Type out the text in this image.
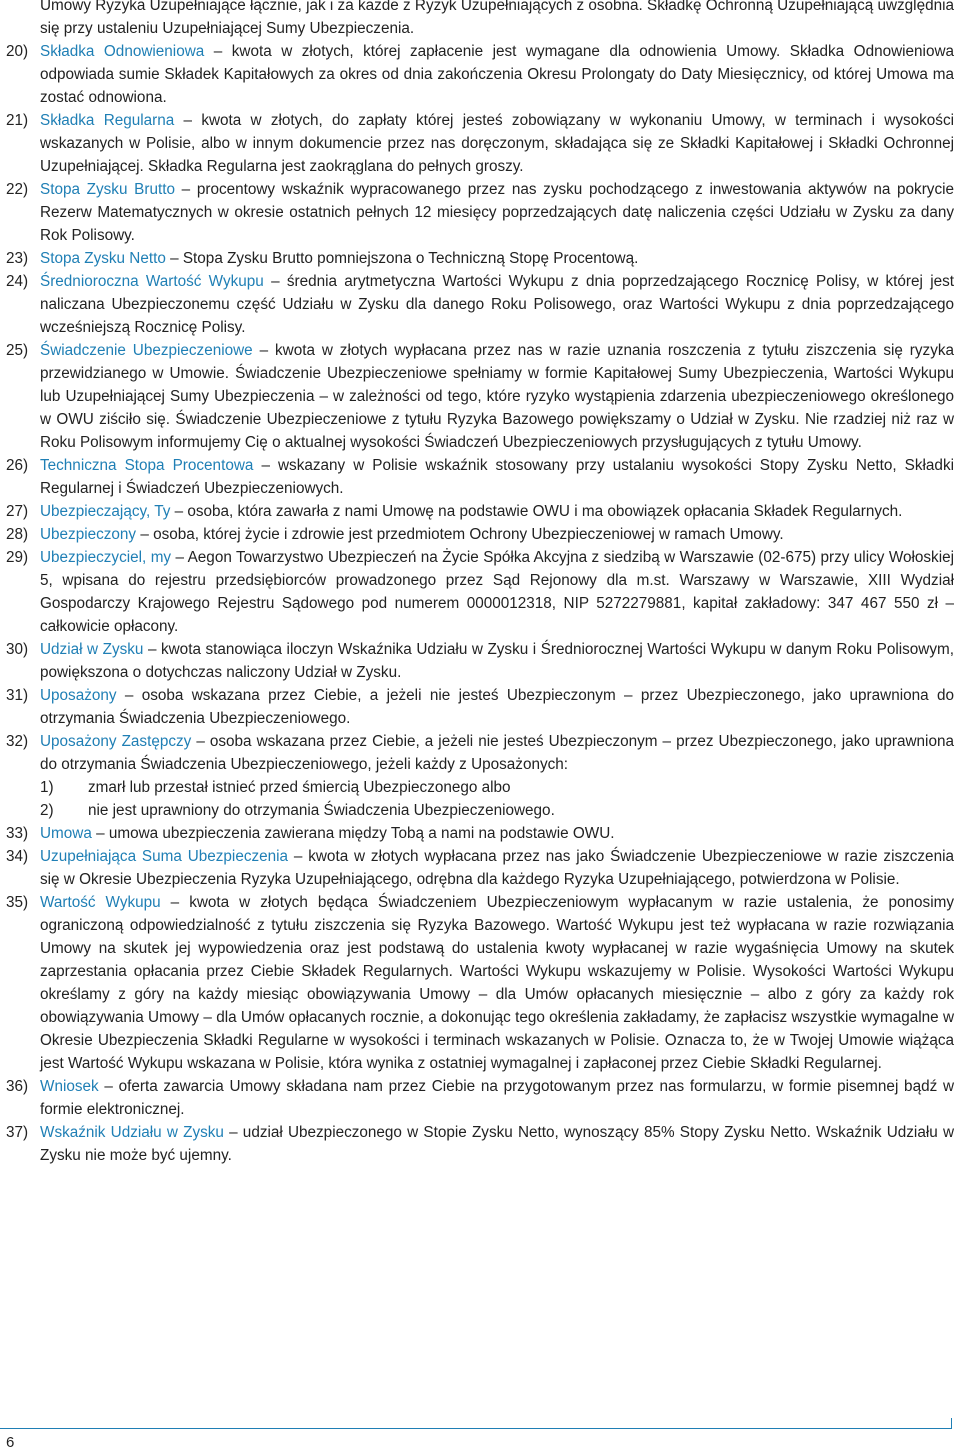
Umowy Ryzyka Uzupełniające łącznie, jak i za każde z Ryzyk Uzupełniających z osobna. Składkę Ochronną Uzupełniającą uwzględnia się przy ustaleniu Uzupełniającej Sumy Ubezpieczenia.

20) Składka Odnowieniowa – kwota w złotych, której zapłacenie jest wymagane dla odnowienia Umowy. Składka Odnowieniowa odpowiada sumie Składek Kapitałowych za okres od dnia zakończenia Okresu Prolongaty do Daty Miesięcznicy, od której Umowa ma zostać odnowiona.
21) Składka Regularna – kwota w złotych, do zapłaty której jesteś zobowiązany w wykonaniu Umowy, w terminach i wysokości wskazanych w Polisie, albo w innym dokumencie przez nas doręczonym, składająca się ze Składki Kapitałowej i Składki Ochronnej Uzupełniającej. Składka Regularna jest zaokrąglana do pełnych groszy.
22) Stopa Zysku Brutto – procentowy wskaźnik wypracowanego przez nas zysku pochodzącego z inwestowania aktywów na pokrycie Rezerw Matematycznych w okresie ostatnich pełnych 12 miesięcy poprzedzających datę naliczenia części Udziału w Zysku za dany Rok Polisowy.
23) Stopa Zysku Netto – Stopa Zysku Brutto pomniejszona o Techniczną Stopę Procentową.
24) Średnioroczna Wartość Wykupu – średnia arytmetyczna Wartości Wykupu z dnia poprzedzającego Rocznicę Polisy, w której jest naliczana Ubezpieczonemu część Udziału w Zysku dla danego Roku Polisowego, oraz Wartości Wykupu z dnia poprzedzającego wcześniejszą Rocznicę Polisy.
25) Świadczenie Ubezpieczeniowe – kwota w złotych wypłacana przez nas w razie uznania roszczenia z tytułu ziszczenia się ryzyka przewidzianego w Umowie. Świadczenie Ubezpieczeniowe spełniamy w formie Kapitałowej Sumy Ubezpieczenia, Wartości Wykupu lub Uzupełniającej Sumy Ubezpieczenia – w zależności od tego, które ryzyko wystąpienia zdarzenia ubezpieczeniowego określonego w OWU ziściło się. Świadczenie Ubezpieczeniowe z tytułu Ryzyka Bazowego powiększamy o Udział w Zysku. Nie rzadziej niż raz w Roku Polisowym informujemy Cię o aktualnej wysokości Świadczeń Ubezpieczeniowych przysługujących z tytułu Umowy.
26) Techniczna Stopa Procentowa – wskazany w Polisie wskaźnik stosowany przy ustalaniu wysokości Stopy Zysku Netto, Składki Regularnej i Świadczeń Ubezpieczeniowych.
27) Ubezpieczający, Ty – osoba, która zawarła z nami Umowę na podstawie OWU i ma obowiązek opłacania Składek Regularnych.
28) Ubezpieczony – osoba, której życie i zdrowie jest przedmiotem Ochrony Ubezpieczeniowej w ramach Umowy.
29) Ubezpieczyciel, my – Aegon Towarzystwo Ubezpieczeń na Życie Spółka Akcyjna z siedzibą w Warszawie (02-675) przy ulicy Wołoskiej 5, wpisana do rejestru przedsiębiorców prowadzonego przez Sąd Rejonowy dla m.st. Warszawy w Warszawie, XIII Wydział Gospodarczy Krajowego Rejestru Sądowego pod numerem 0000012318, NIP 5272279881, kapitał zakładowy: 347 467 550 zł – całkowicie opłacony.
30) Udział w Zysku – kwota stanowiąca iloczyn Wskaźnika Udziału w Zysku i Średniorocznej Wartości Wykupu w danym Roku Polisowym, powiększona o dotychczas naliczony Udział w Zysku.
31) Uposażony – osoba wskazana przez Ciebie, a jeżeli nie jesteś Ubezpieczonym – przez Ubezpieczonego, jako uprawniona do otrzymania Świadczenia Ubezpieczeniowego.
32) Uposażony Zastępczy – osoba wskazana przez Ciebie, a jeżeli nie jesteś Ubezpieczonym – przez Ubezpieczonego, jako uprawniona do otrzymania Świadczenia Ubezpieczeniowego, jeżeli każdy z Uposażonych:
1) zmarł lub przestał istnieć przed śmiercią Ubezpieczonego albo
2) nie jest uprawniony do otrzymania Świadczenia Ubezpieczeniowego.
33) Umowa – umowa ubezpieczenia zawierana między Tobą a nami na podstawie OWU.
34) Uzupełniająca Suma Ubezpieczenia – kwota w złotych wypłacana przez nas jako Świadczenie Ubezpieczeniowe w razie ziszczenia się w Okresie Ubezpieczenia Ryzyka Uzupełniającego, odrębna dla każdego Ryzyka Uzupełniającego, potwierdzona w Polisie.
35) Wartość Wykupu – kwota w złotych będąca Świadczeniem Ubezpieczeniowym wypłacanym w razie ustalenia, że ponosimy ograniczoną odpowiedzialność z tytułu ziszczenia się Ryzyka Bazowego. Wartość Wykupu jest też wypłacana w razie rozwiązania Umowy na skutek jej wypowiedzenia oraz jest podstawą do ustalenia kwoty wypłacanej w razie wygaśnięcia Umowy na skutek zaprzestania opłacania przez Ciebie Składek Regularnych. Wartości Wykupu wskazujemy w Polisie. Wysokości Wartości Wykupu określamy z góry na każdy miesiąc obowiązywania Umowy – dla Umów opłacanych miesięcznie – albo z góry za każdy rok obowiązywania Umowy – dla Umów opłacanych rocznie, a dokonując tego określenia zakładamy, że zapłacisz wszystkie wymagalne w Okresie Ubezpieczenia Składki Regularne w wysokości i terminach wskazanych w Polisie. Oznacza to, że w Twojej Umowie wiążąca jest Wartość Wykupu wskazana w Polisie, która wynika z ostatniej wymagalnej i zapłaconej przez Ciebie Składki Regularnej.
36) Wniosek – oferta zawarcia Umowy składana nam przez Ciebie na przygotowanym przez nas formularzu, w formie pisemnej bądź w formie elektronicznej.
37) Wskaźnik Udziału w Zysku – udział Ubezpieczonego w Stopie Zysku Netto, wynoszący 85% Stopy Zysku Netto. Wskaźnik Udziału w Zysku nie może być ujemny.
6
